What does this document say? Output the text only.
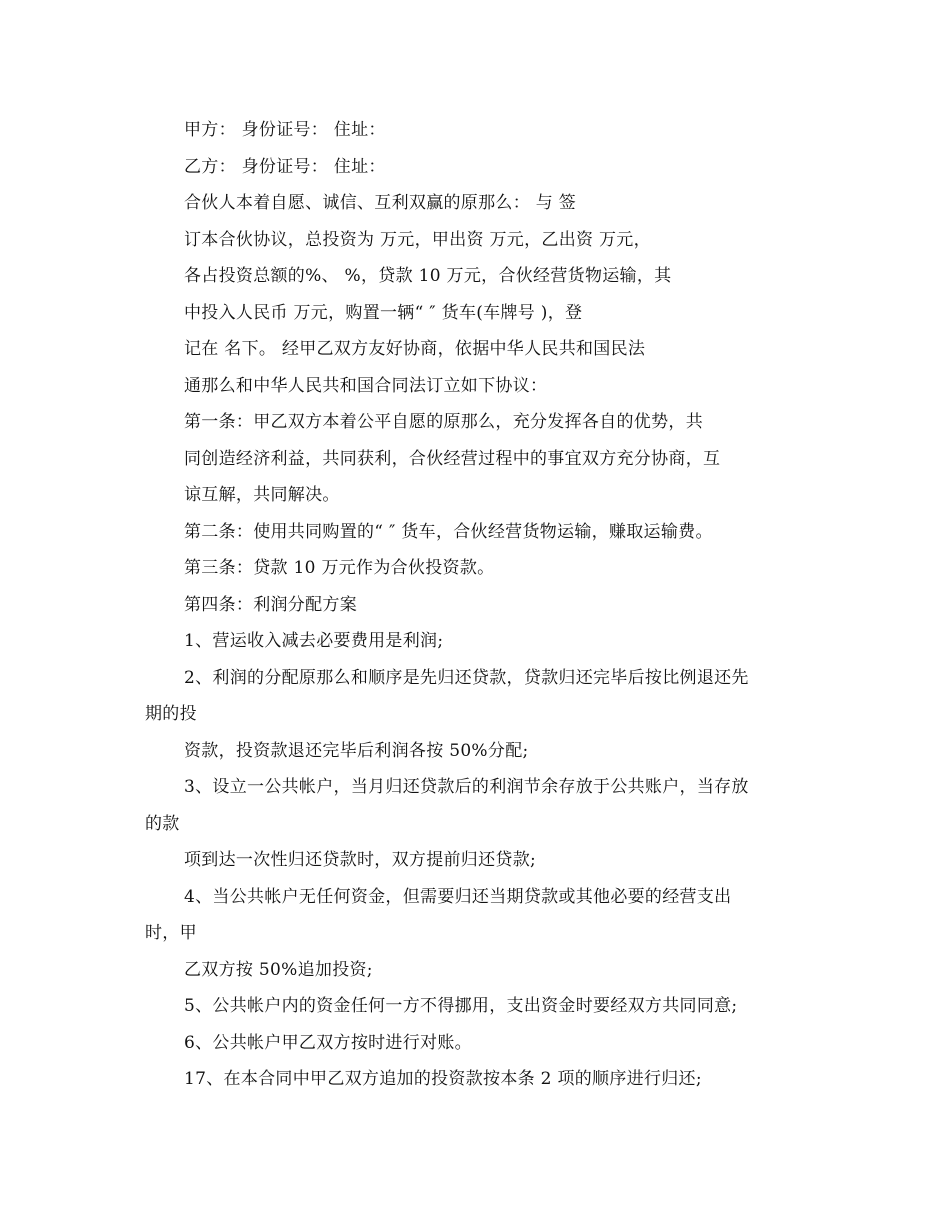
甲方： 身份证号： 住址：
乙方： 身份证号： 住址：
合伙人本着自愿、诚信、互利双赢的原那么： 与 签
订本合伙协议，总投资为 万元，甲出资 万元，乙出资 万元，
各占投资总额的%、 %，贷款 10 万元，合伙经营货物运输，其
中投入人民币 万元，购置一辆“ ″ 货车(车牌号 )，登
记在 名下。 经甲乙双方友好协商，依据中华人民共和国民法
通那么和中华人民共和国合同法订立如下协议：
第一条：甲乙双方本着公平自愿的原那么，充分发挥各自的优势，共
同创造经济利益，共同获利，合伙经营过程中的事宜双方充分协商，互
谅互解，共同解决。
第二条：使用共同购置的“ ″ 货车，合伙经营货物运输，赚取运输费。
第三条：贷款 10 万元作为合伙投资款。
第四条：利润分配方案
1、营运收入减去必要费用是利润;
2、利润的分配原那么和顺序是先归还贷款，贷款归还完毕后按比例退还先
期的投
资款，投资款退还完毕后利润各按 50%分配;
3、设立一公共帐户，当月归还贷款后的利润节余存放于公共账户，当存放
的款
项到达一次性归还贷款时，双方提前归还贷款;
4、当公共帐户无任何资金，但需要归还当期贷款或其他必要的经营支出
时，甲
乙双方按 50%追加投资;
5、公共帐户内的资金任何一方不得挪用，支出资金时要经双方共同同意;
6、公共帐户甲乙双方按时进行对账。
17、在本合同中甲乙双方追加的投资款按本条 2 项的顺序进行归还;
